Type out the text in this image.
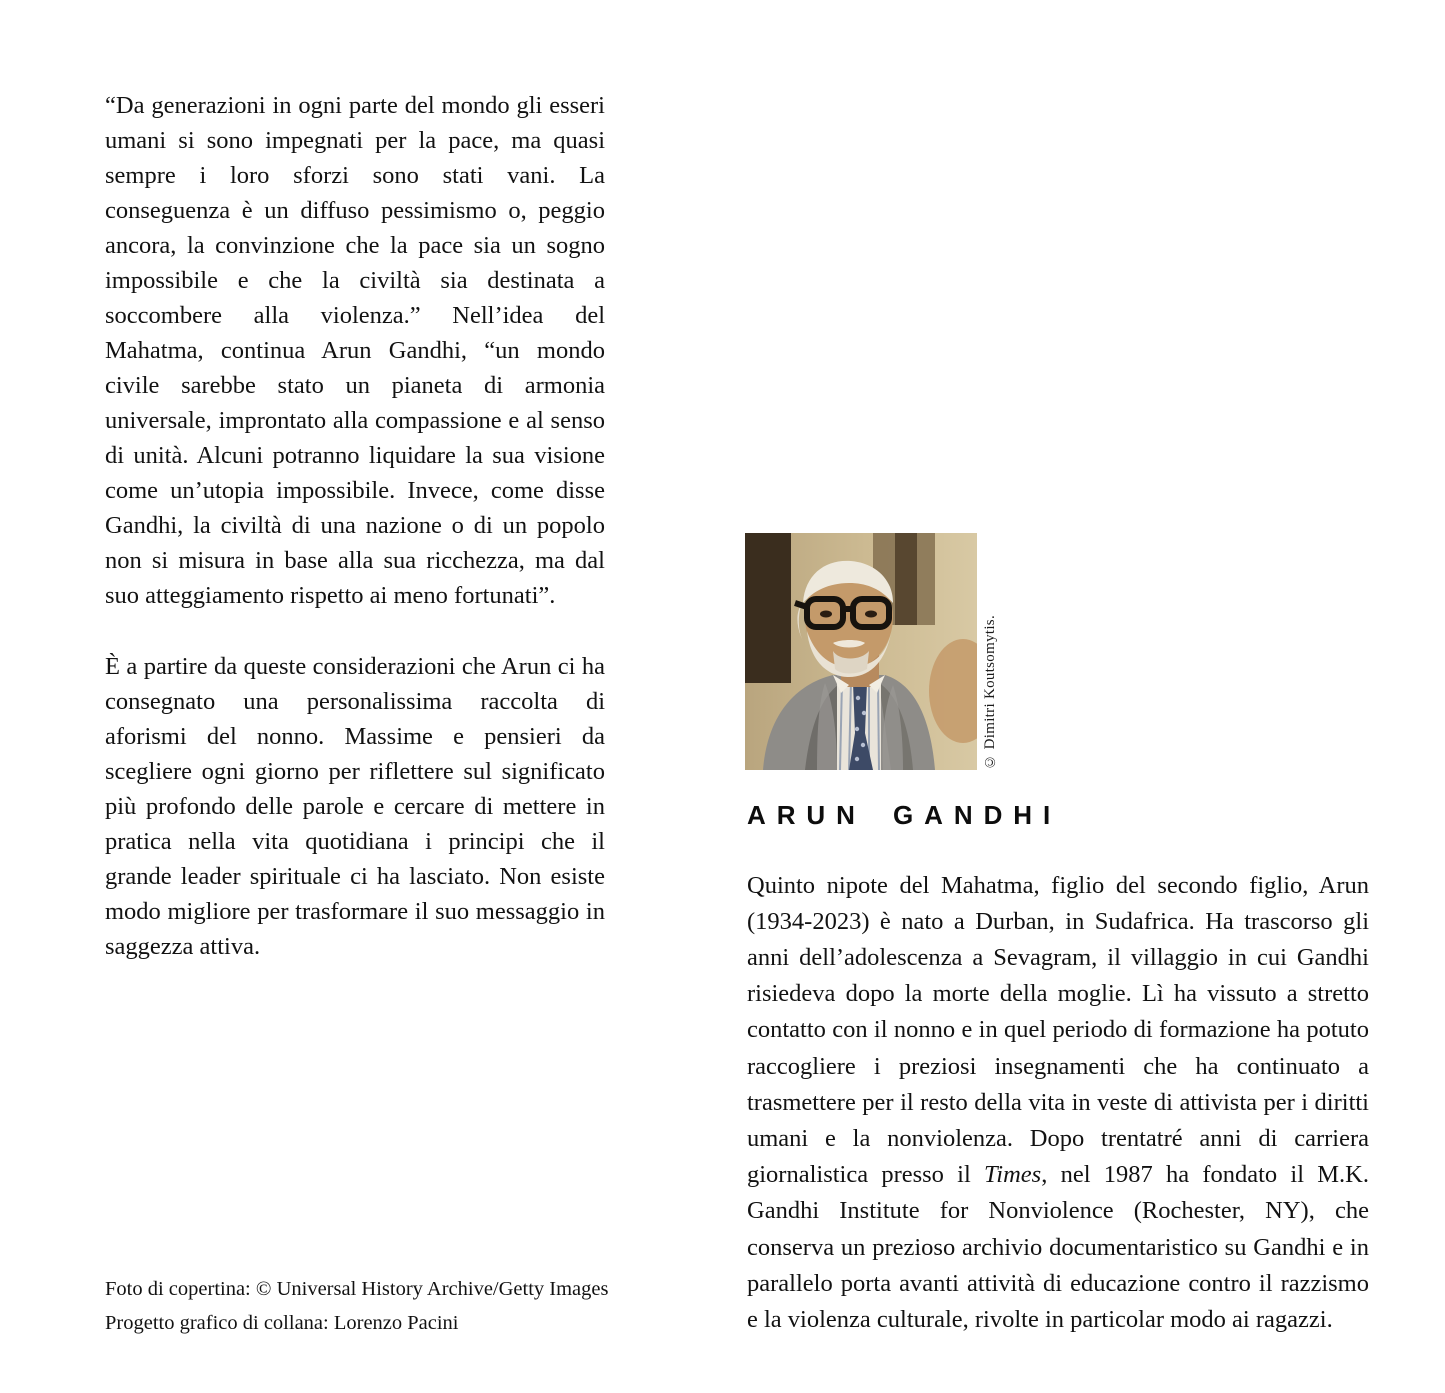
“Da generazioni in ogni parte del mondo gli esseri umani si sono impegnati per la pace, ma quasi sempre i loro sforzi sono stati vani. La conseguenza è un diffuso pessimismo o, peggio ancora, la convinzione che la pace sia un sogno impossibile e che la civiltà sia destinata a soccombere alla violenza.” Nell’idea del Mahatma, continua Arun Gandhi, “un mondo civile sarebbe stato un pianeta di armonia universale, improntato alla compassione e al senso di unità. Alcuni potranno liquidare la sua visione come un’utopia impossibile. Invece, come disse Gandhi, la civiltà di una nazione o di un popolo non si misura in base alla sua ricchezza, ma dal suo atteggiamento rispetto ai meno fortunati”.

È a partire da queste considerazioni che Arun ci ha consegnato una personalissima raccolta di aforismi del nonno. Massime e pensieri da scegliere ogni giorno per riflettere sul significato più profondo delle parole e cercare di mettere in pratica nella vita quotidiana i principi che il grande leader spirituale ci ha lasciato. Non esiste modo migliore per trasformare il suo messaggio in saggezza attiva.

Foto di copertina: © Universal History Archive/Getty Images
Progetto grafico di collana: Lorenzo Pacini
© Dimitri Koutsomytis.
ARUN GANDHI

Quinto nipote del Mahatma, figlio del secondo figlio, Arun (1934-2023) è nato a Durban, in Sudafrica. Ha trascorso gli anni dell’adolescenza a Sevagram, il villaggio in cui Gandhi risiedeva dopo la morte della moglie. Lì ha vissuto a stretto contatto con il nonno e in quel periodo di formazione ha potuto raccogliere i preziosi insegnamenti che ha continuato a trasmettere per il resto della vita in veste di attivista per i diritti umani e la nonviolenza. Dopo trentatré anni di carriera giornalistica presso il Times, nel 1987 ha fondato il M.K. Gandhi Institute for Nonviolence (Rochester, NY), che conserva un prezioso archivio documentaristico su Gandhi e in parallelo porta avanti attività di educazione contro il razzismo e la violenza culturale, rivolte in particolar modo ai ragazzi.
